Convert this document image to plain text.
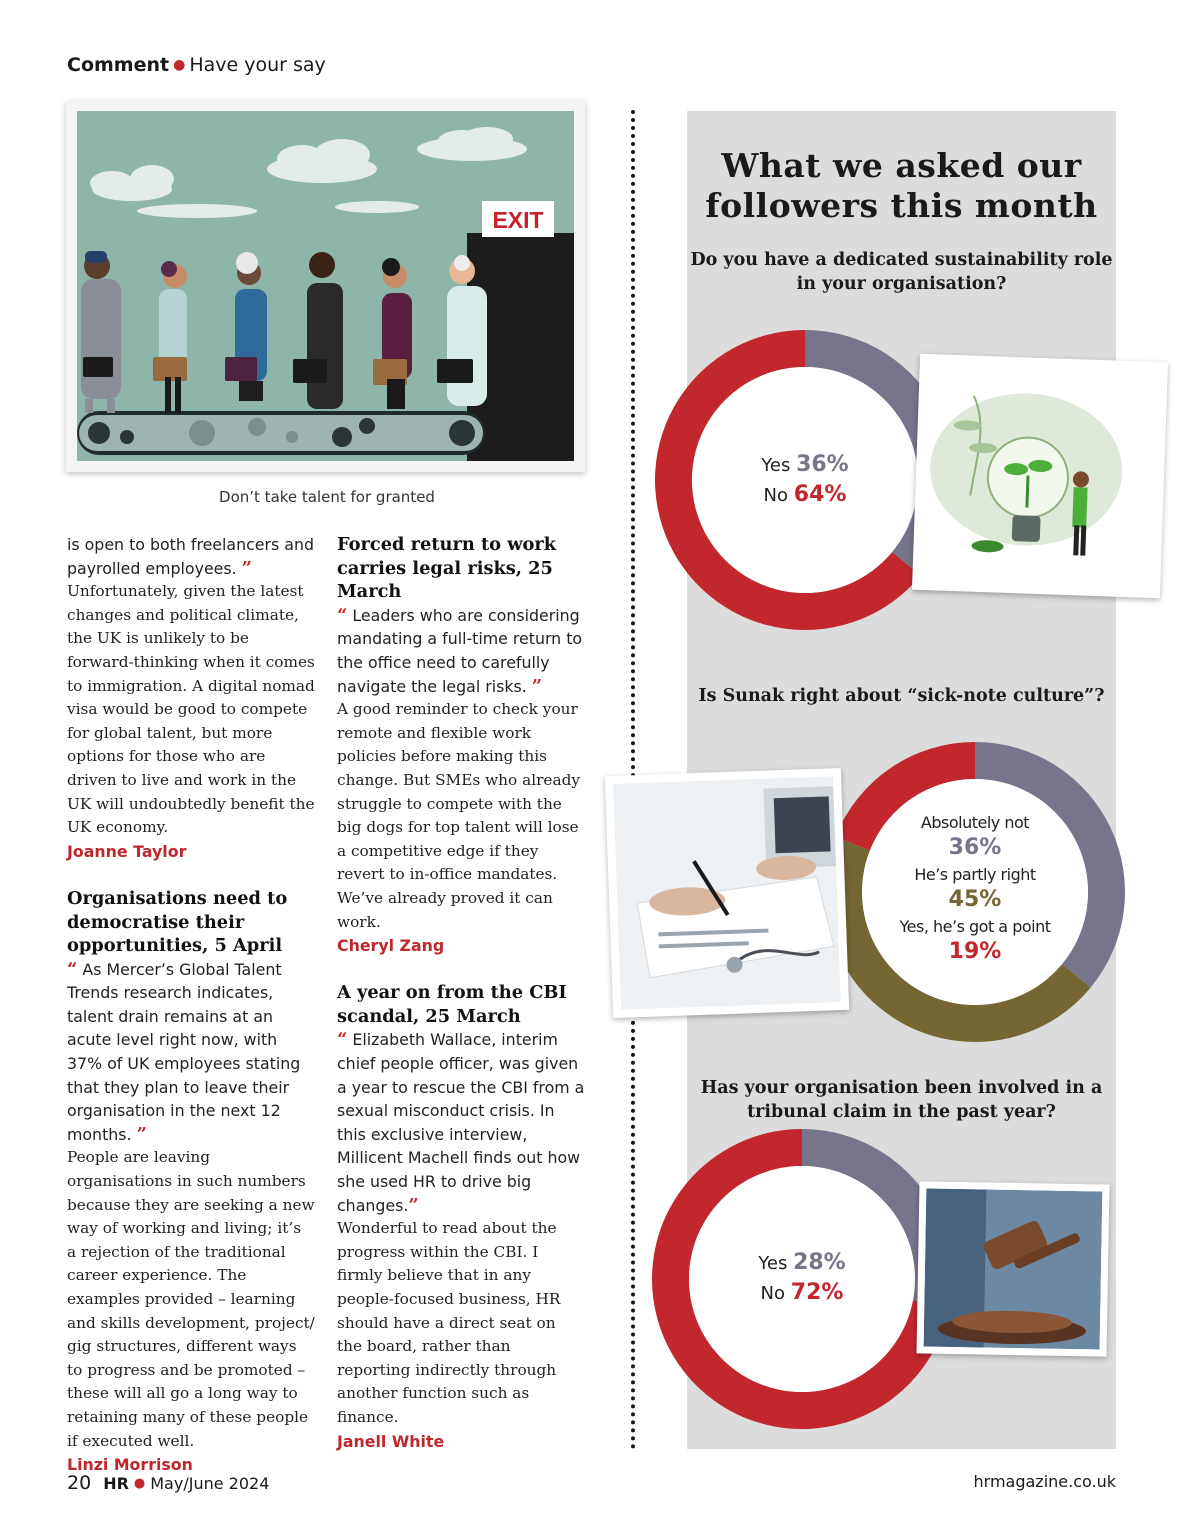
Comment ● Have your say
EXIT
Don’t take talent for granted
is open to both freelancers and payrolled employees. ”
Unfortunately, given the latest changes and political climate, the UK is unlikely to be forward-thinking when it comes to immigration. A digital nomad visa would be good to compete for global talent, but more options for those who are driven to live and work in the UK will undoubtedly benefit the UK economy.
Joanne Taylor
Organisations need to democratise their opportunities, 5 April
“ As Mercer’s Global Talent Trends research indicates, talent drain remains at an acute level right now, with 37% of UK employees stating that they plan to leave their organisation in the next 12 months. ”
People are leaving organisations in such numbers because they are seeking a new way of working and living; it’s a rejection of the traditional career experience. The examples provided – learning and skills development, project/ gig structures, different ways to progress and be promoted – these will all go a long way to retaining many of these people if executed well.
Linzi Morrison
Forced return to work carries legal risks, 25 March
“ Leaders who are considering mandating a full-time return to the office need to carefully navigate the legal risks. ”
A good reminder to check your remote and flexible work policies before making this change. But SMEs who already struggle to compete with the big dogs for top talent will lose a competitive edge if they revert to in-office mandates. We’ve already proved it can work.
Cheryl Zang
A year on from the CBI scandal, 25 March
“ Elizabeth Wallace, interim chief people officer, was given a year to rescue the CBI from a sexual misconduct crisis. In this exclusive interview, Millicent Machell finds out how she used HR to drive big changes.”
Wonderful to read about the progress within the CBI. I firmly believe that in any people-focused business, HR should have a direct seat on the board, rather than reporting indirectly through another function such as finance.
Janell White
What we asked our followers this month
Do you have a dedicated sustainability role in your organisation?
Yes 36%
No 64%
Is Sunak right about “sick-note culture”?
Absolutely not
36%
He’s partly right
45%
Yes, he’s got a point
19%
Has your organisation been involved in a tribunal claim in the past year?
Yes 28%
No 72%
20 HR ● May/June 2024	hrmagazine.co.uk
